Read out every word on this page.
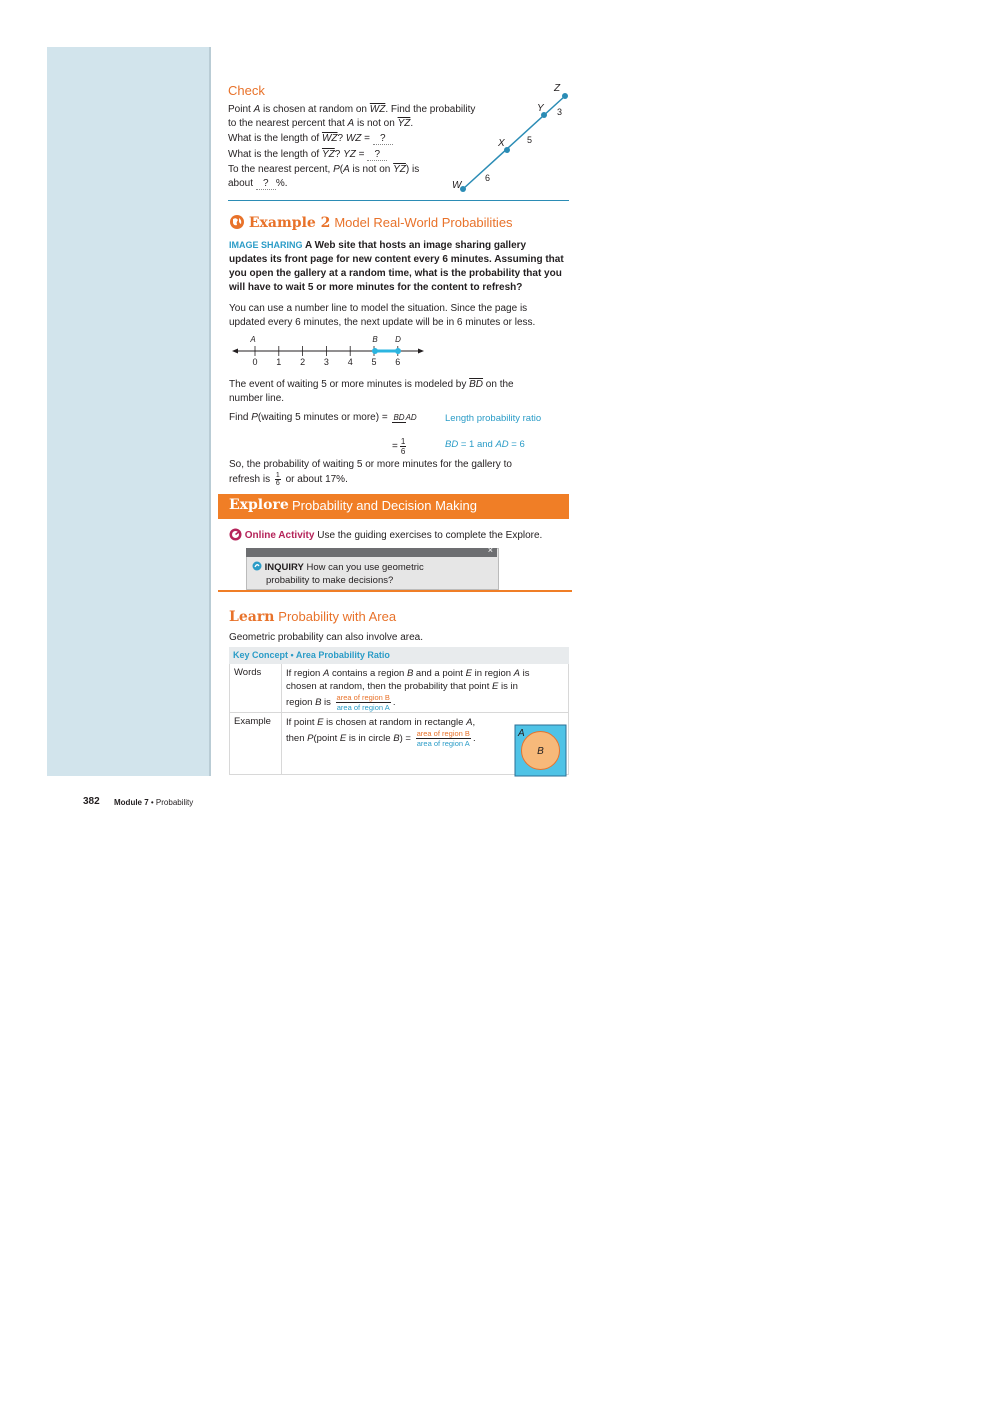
Check
Point A is chosen at random on $\overline{WZ}$. Find the probability
to the nearest percent that A is not on $\overline{YZ}$.
What is the length of $\overline{WZ}$? WZ = ?
What is the length of $\overline{YZ}$? YZ = ?
To the nearest percent, P(A is not on $\overline{YZ}$) is
about ? %.	W
X
Y
Z
6
5
3
Example 2 Model Real-World Probabilities
IMAGE SHARING A Web site that hosts an image sharing gallery
updates its front page for new content every 6 minutes. Assuming that
you open the gallery at a random time, what is the probability that you
will have to wait 5 or more minutes for the content to refresh?
You can use a number line to model the situation. Since the page is
updated every 6 minutes, the next update will be in 6 minutes or less.
0 1 2 3 4 5 6
A	B D
The event of waiting 5 or more minutes is modeled by $\overline{BD}$ on the
number line.
Find P(waiting 5 minutes or more) = BDAD	Length probability ratio
= $\frac{1}{6}$	BD = 1 and AD = 6
So, the probability of waiting 5 or more minutes for the gallery to
refresh is $\frac{1}{6}$ or about 17%.
Explore Probability and Decision Making
Online Activity Use the guiding exercises to complete the Explore.
×
INQUIRY How can you use geometric
probability to make decisions?
Learn Probability with Area
Geometric probability can also involve area.
Key Concept • Area Probability Ratio
Words	If region A contains a region B and a point E in region A is
chosen at random, then the probability that point E is in
region B is $\frac{\text{area of region B}}{\text{area of region A}}$ .
Example If point E is chosen at random in rectangle A,
then P(point E is in circle $B) = \frac{\text{area of region B}}{\text{area of region A}}$ .	A
B
382 Module 7 • Probability
